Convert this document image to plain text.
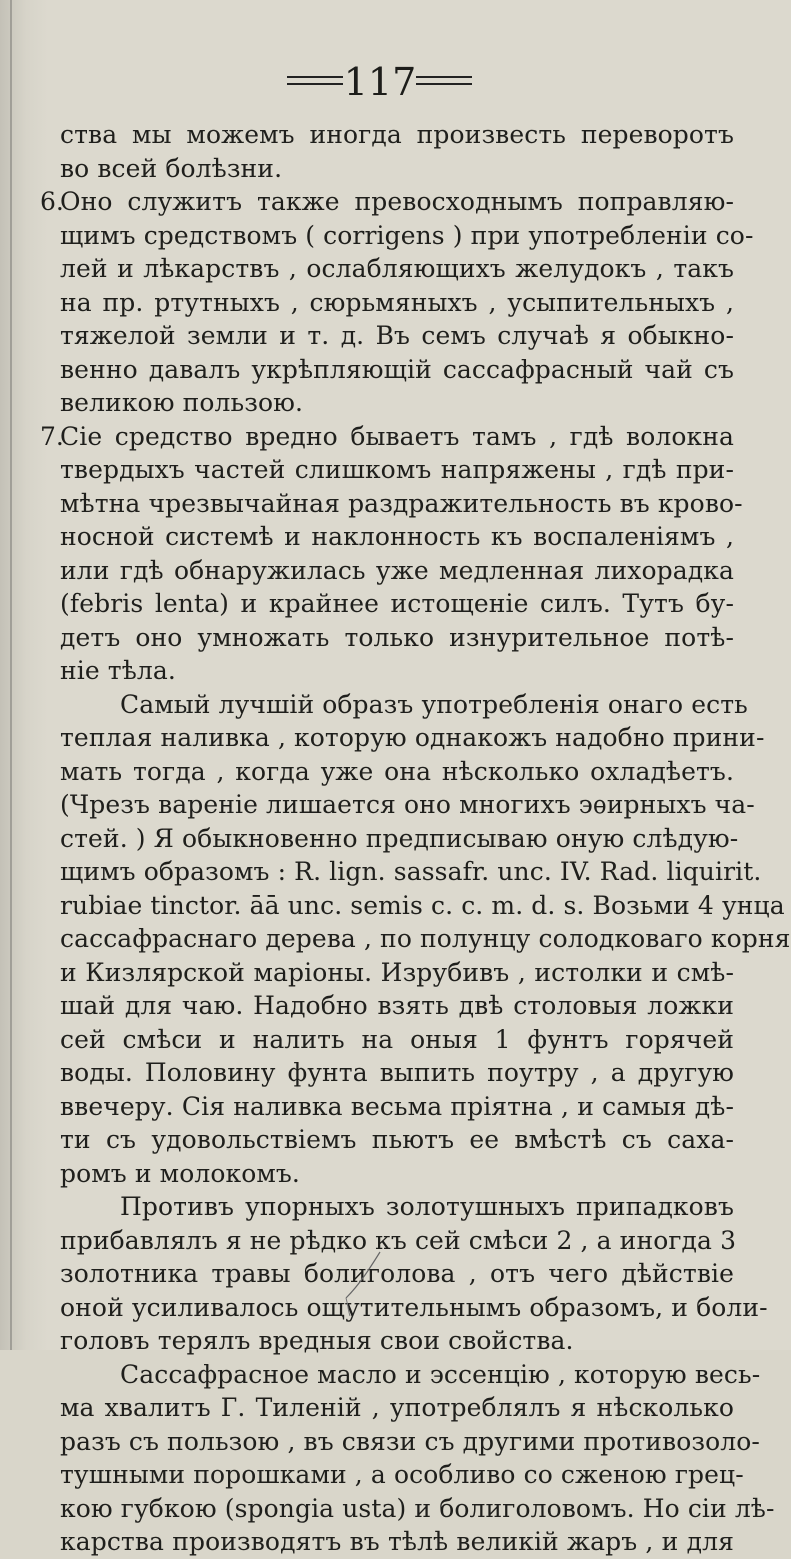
117
ства мы можемъ иногда произвесть переворотъ
во всей болѣзни.
6.
Оно служитъ также превосходнымъ поправляю-
щимъ средствомъ ( corrigens ) при употребленіи со-
лей и лѣкарствъ , ослабляющихъ желудокъ , такъ
на пр. ртутныхъ , сюрьмяныхъ , усыпительныхъ ,
тяжелой земли и т. д. Въ семъ случаѣ я обыкно-
венно давалъ укрѣпляющій сассафрасный чай съ
великою пользою.
7.
Сіе средство вредно бываетъ тамъ , гдѣ волокна
твердыхъ частей слишкомъ напряжены , гдѣ при-
мѣтна чрезвычайная раздражительность въ крово-
носной системѣ и наклонность къ воспаленіямъ ,
или гдѣ обнаружилась уже медленная лихорадка
(febris lenta) и крайнее истощеніе силъ. Тутъ бу-
детъ оно умножать только изнурительное потѣ-
ніе тѣла.
Самый лучшій образъ употребленія онаго есть
теплая наливка , которую однакожъ надобно прини-
мать тогда , когда уже она нѣсколько охладѣетъ.
(Чрезъ вареніе лишается оно многихъ эѳирныхъ ча-
стей. ) Я обыкновенно предписываю оную слѣдую-
щимъ образомъ : R. lign. sassafr. unc. IV. Rad. liquirit.
rubiae tinctor. āā unc. semis c. c. m. d. s. Возьми 4 унца
сассафраснаго дерева , по полунцу солодковаго корня
и Кизлярской маріоны. Изрубивъ , истолки и смѣ-
шай для чаю. Надобно взять двѣ столовыя ложки
сей смѣси и налить на оныя 1 фунтъ горячей
воды. Половину фунта выпить поутру , а другую
ввечеру. Сія наливка весьма пріятна , и самыя дѣ-
ти съ удовольствіемъ пьютъ ее вмѣстѣ съ саха-
ромъ и молокомъ.
Противъ упорныхъ золотушныхъ припадковъ
прибавлялъ я не рѣдко къ сей смѣси 2 , а иногда 3
золотника травы болиголова , отъ чего дѣйствіе
оной усиливалось ощутительнымъ образомъ, и боли-
головъ терялъ вредныя свои свойства.
Сассафрасное масло и эссенцію , которую весь-
ма хвалитъ Г. Тиленій , употреблялъ я нѣсколько
разъ съ пользою , въ связи съ другими противозоло-
тушными порошками , а особливо со сженою грец-
кою губкою (spongia usta) и болиголовомъ. Но сіи лѣ-
карства производятъ въ тѣлѣ великій жаръ , и для
